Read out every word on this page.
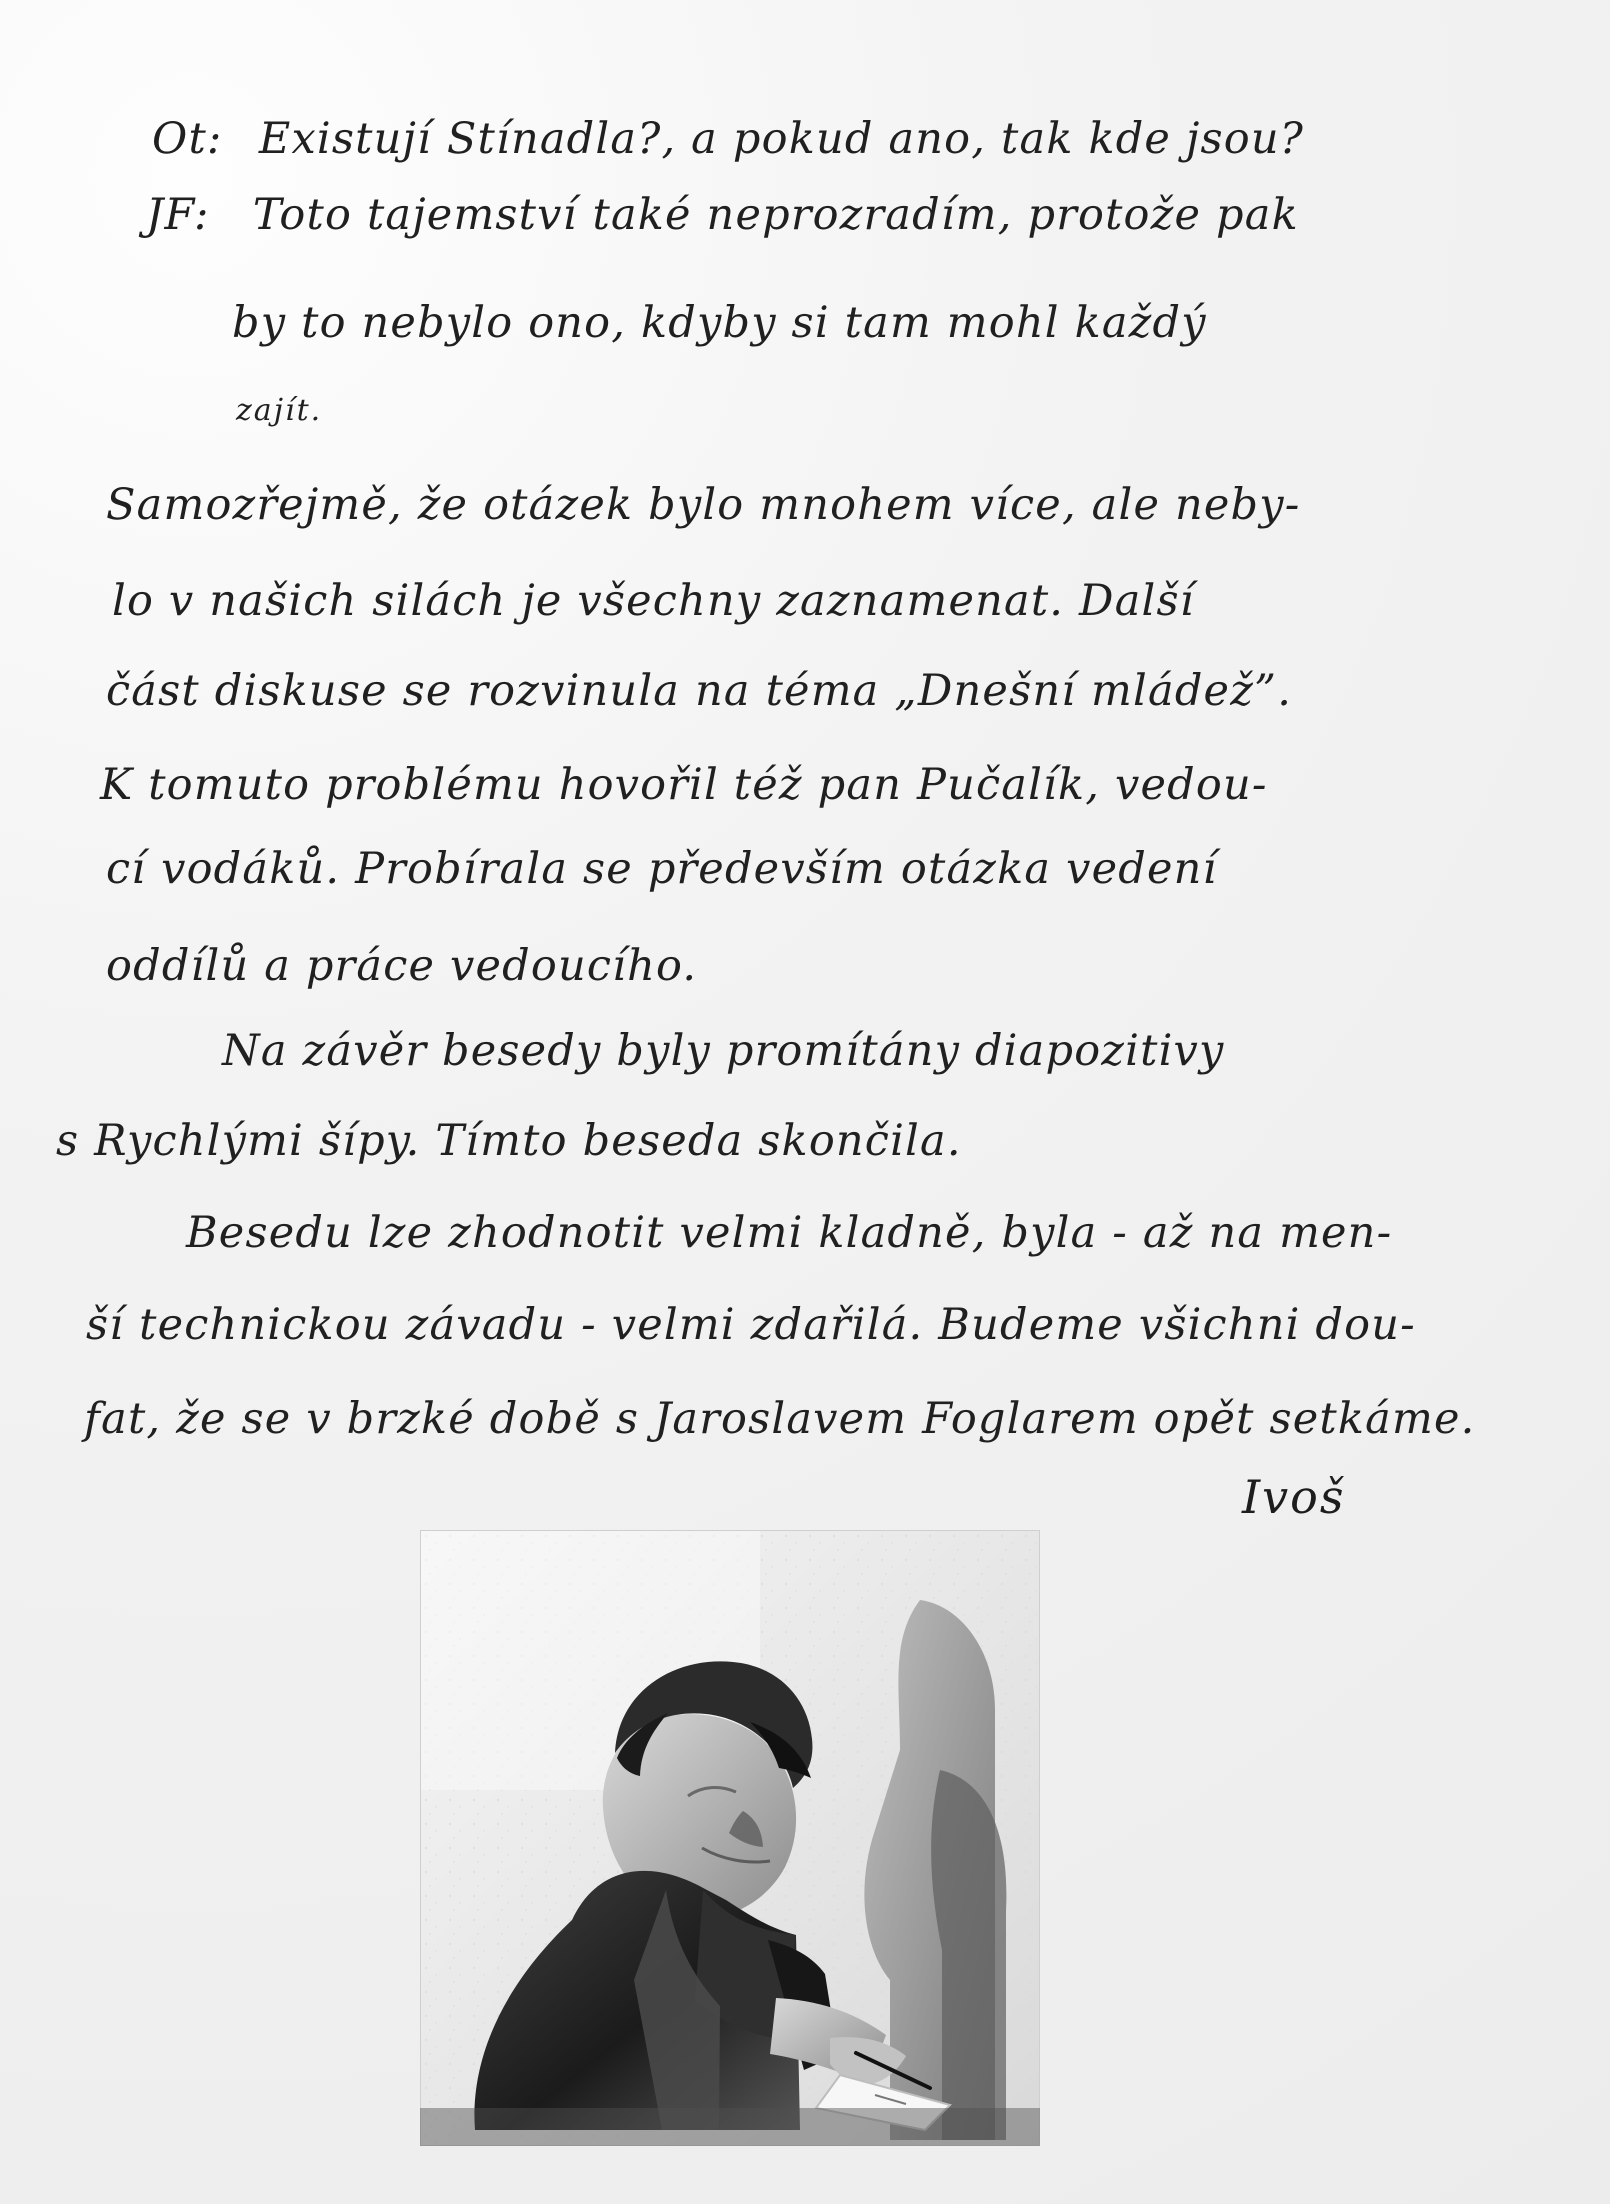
Ot: Existují Stínadla?, a pokud ano, tak kde jsou?
JF: Toto tajemství také neprozradím, protože pak
by to nebylo ono, kdyby si tam mohl každý
zajít.
Samozřejmě, že otázek bylo mnohem více, ale neby-
lo v našich silách je všechny zaznamenat. Další
část diskuse se rozvinula na téma „Dnešní mládež”.
K tomuto problému hovořil též pan Pučalík, vedou-
cí vodáků. Probírala se především otázka vedení
oddílů a práce vedoucího.
Na závěr besedy byly promítány diapozitivy
s Rychlými šípy. Tímto beseda skončila.
Besedu lze zhodnotit velmi kladně, byla - až na men-
ší technickou závadu - velmi zdařilá. Budeme všichni dou-
fat, že se v brzké době s Jaroslavem Foglarem opět setkáme.
Ivoš
